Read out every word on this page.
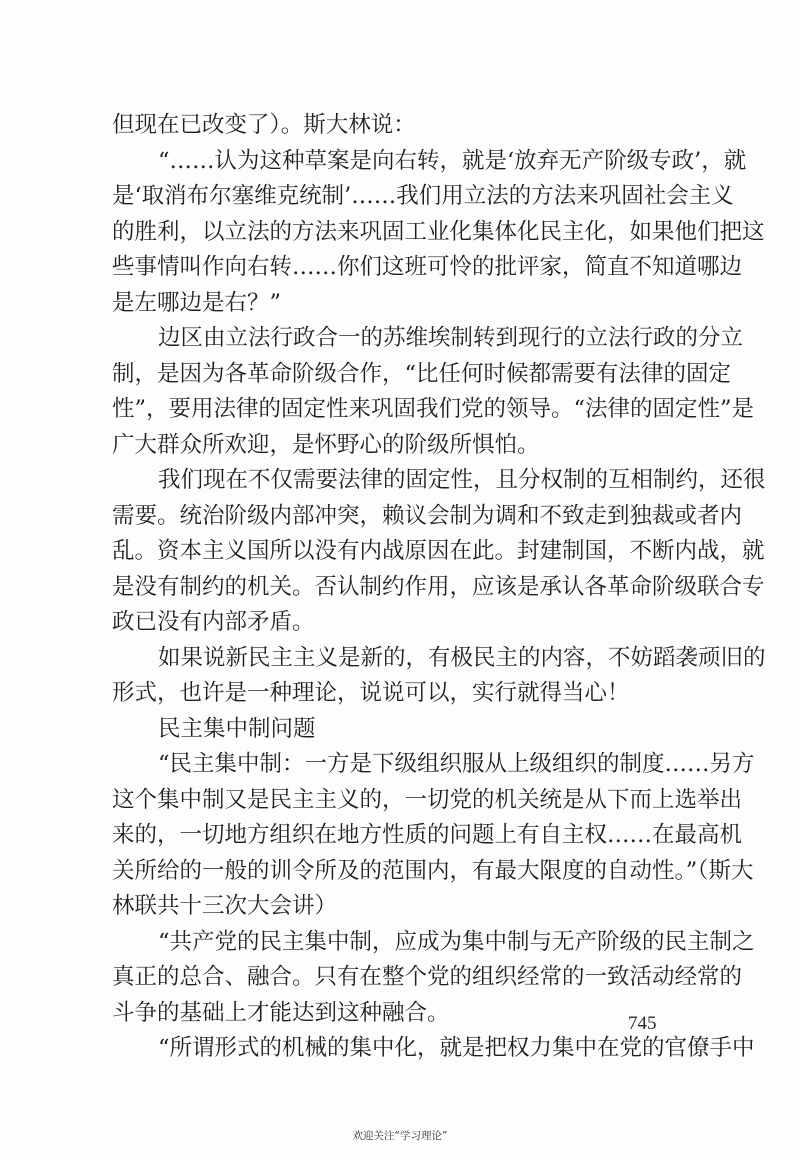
但现在已改变了）。斯大林说：
“……认为这种草案是向右转，就是‘放弃无产阶级专政’，就
是‘取消布尔塞维克统制’……我们用立法的方法来巩固社会主义
的胜利，以立法的方法来巩固工业化集体化民主化，如果他们把这
些事情叫作向右转……你们这班可怜的批评家，简直不知道哪边
是左哪边是右？”
边区由立法行政合一的苏维埃制转到现行的立法行政的分立
制，是因为各革命阶级合作，“比任何时候都需要有法律的固定
性”，要用法律的固定性来巩固我们党的领导。“法律的固定性”是
广大群众所欢迎，是怀野心的阶级所惧怕。
我们现在不仅需要法律的固定性，且分权制的互相制约，还很
需要。统治阶级内部冲突，赖议会制为调和不致走到独裁或者内
乱。资本主义国所以没有内战原因在此。封建制国，不断内战，就
是没有制约的机关。否认制约作用，应该是承认各革命阶级联合专
政已没有内部矛盾。
如果说新民主主义是新的，有极民主的内容，不妨蹈袭顽旧的
形式，也许是一种理论，说说可以，实行就得当心！
民主集中制问题
“民主集中制：一方是下级组织服从上级组织的制度……另方
这个集中制又是民主主义的，一切党的机关统是从下而上选举出
来的，一切地方组织在地方性质的问题上有自主权……在最高机
关所给的一般的训令所及的范围内，有最大限度的自动性。”（斯大
林联共十三次大会讲）
“共产党的民主集中制，应成为集中制与无产阶级的民主制之
真正的总合、融合。只有在整个党的组织经常的一致活动经常的
斗争的基础上才能达到这种融合。
“所谓形式的机械的集中化，就是把权力集中在党的官僚手中
745
欢迎关注“学习理论”
